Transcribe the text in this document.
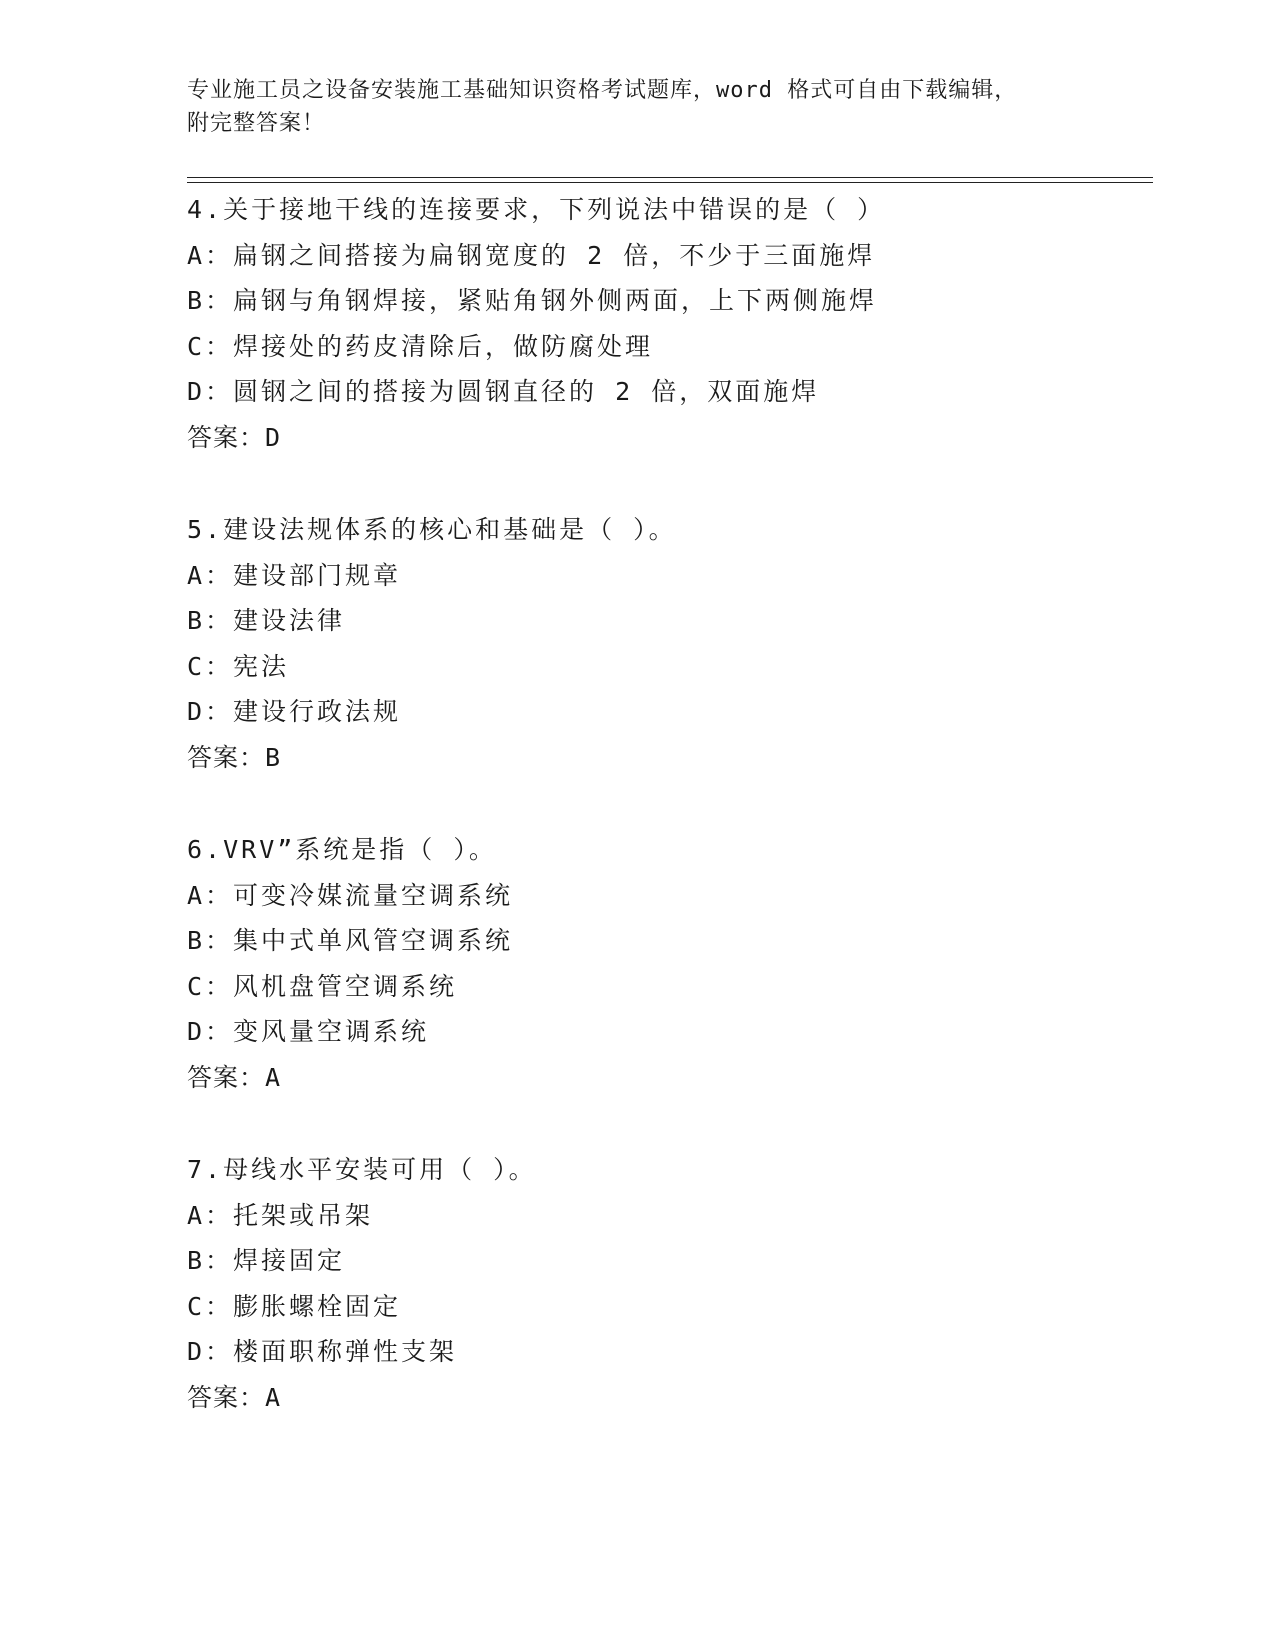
专业施工员之设备安装施工基础知识资格考试题库，word 格式可自由下载编辑，
附完整答案！
4.关于接地干线的连接要求，下列说法中错误的是（ ）
A：扁钢之间搭接为扁钢宽度的 2 倍，不少于三面施焊
B：扁钢与角钢焊接，紧贴角钢外侧两面，上下两侧施焊
C：焊接处的药皮清除后，做防腐处理
D：圆钢之间的搭接为圆钢直径的 2 倍，双面施焊
答案：D
5.建设法规体系的核心和基础是（ ）。
A：建设部门规章
B：建设法律
C：宪法
D：建设行政法规
答案：B
6.VRV”系统是指（ ）。
A：可变冷媒流量空调系统
B：集中式单风管空调系统
C：风机盘管空调系统
D：变风量空调系统
答案：A
7.母线水平安装可用（ ）。
A：托架或吊架
B：焊接固定
C：膨胀螺栓固定
D：楼面职称弹性支架
答案：A
